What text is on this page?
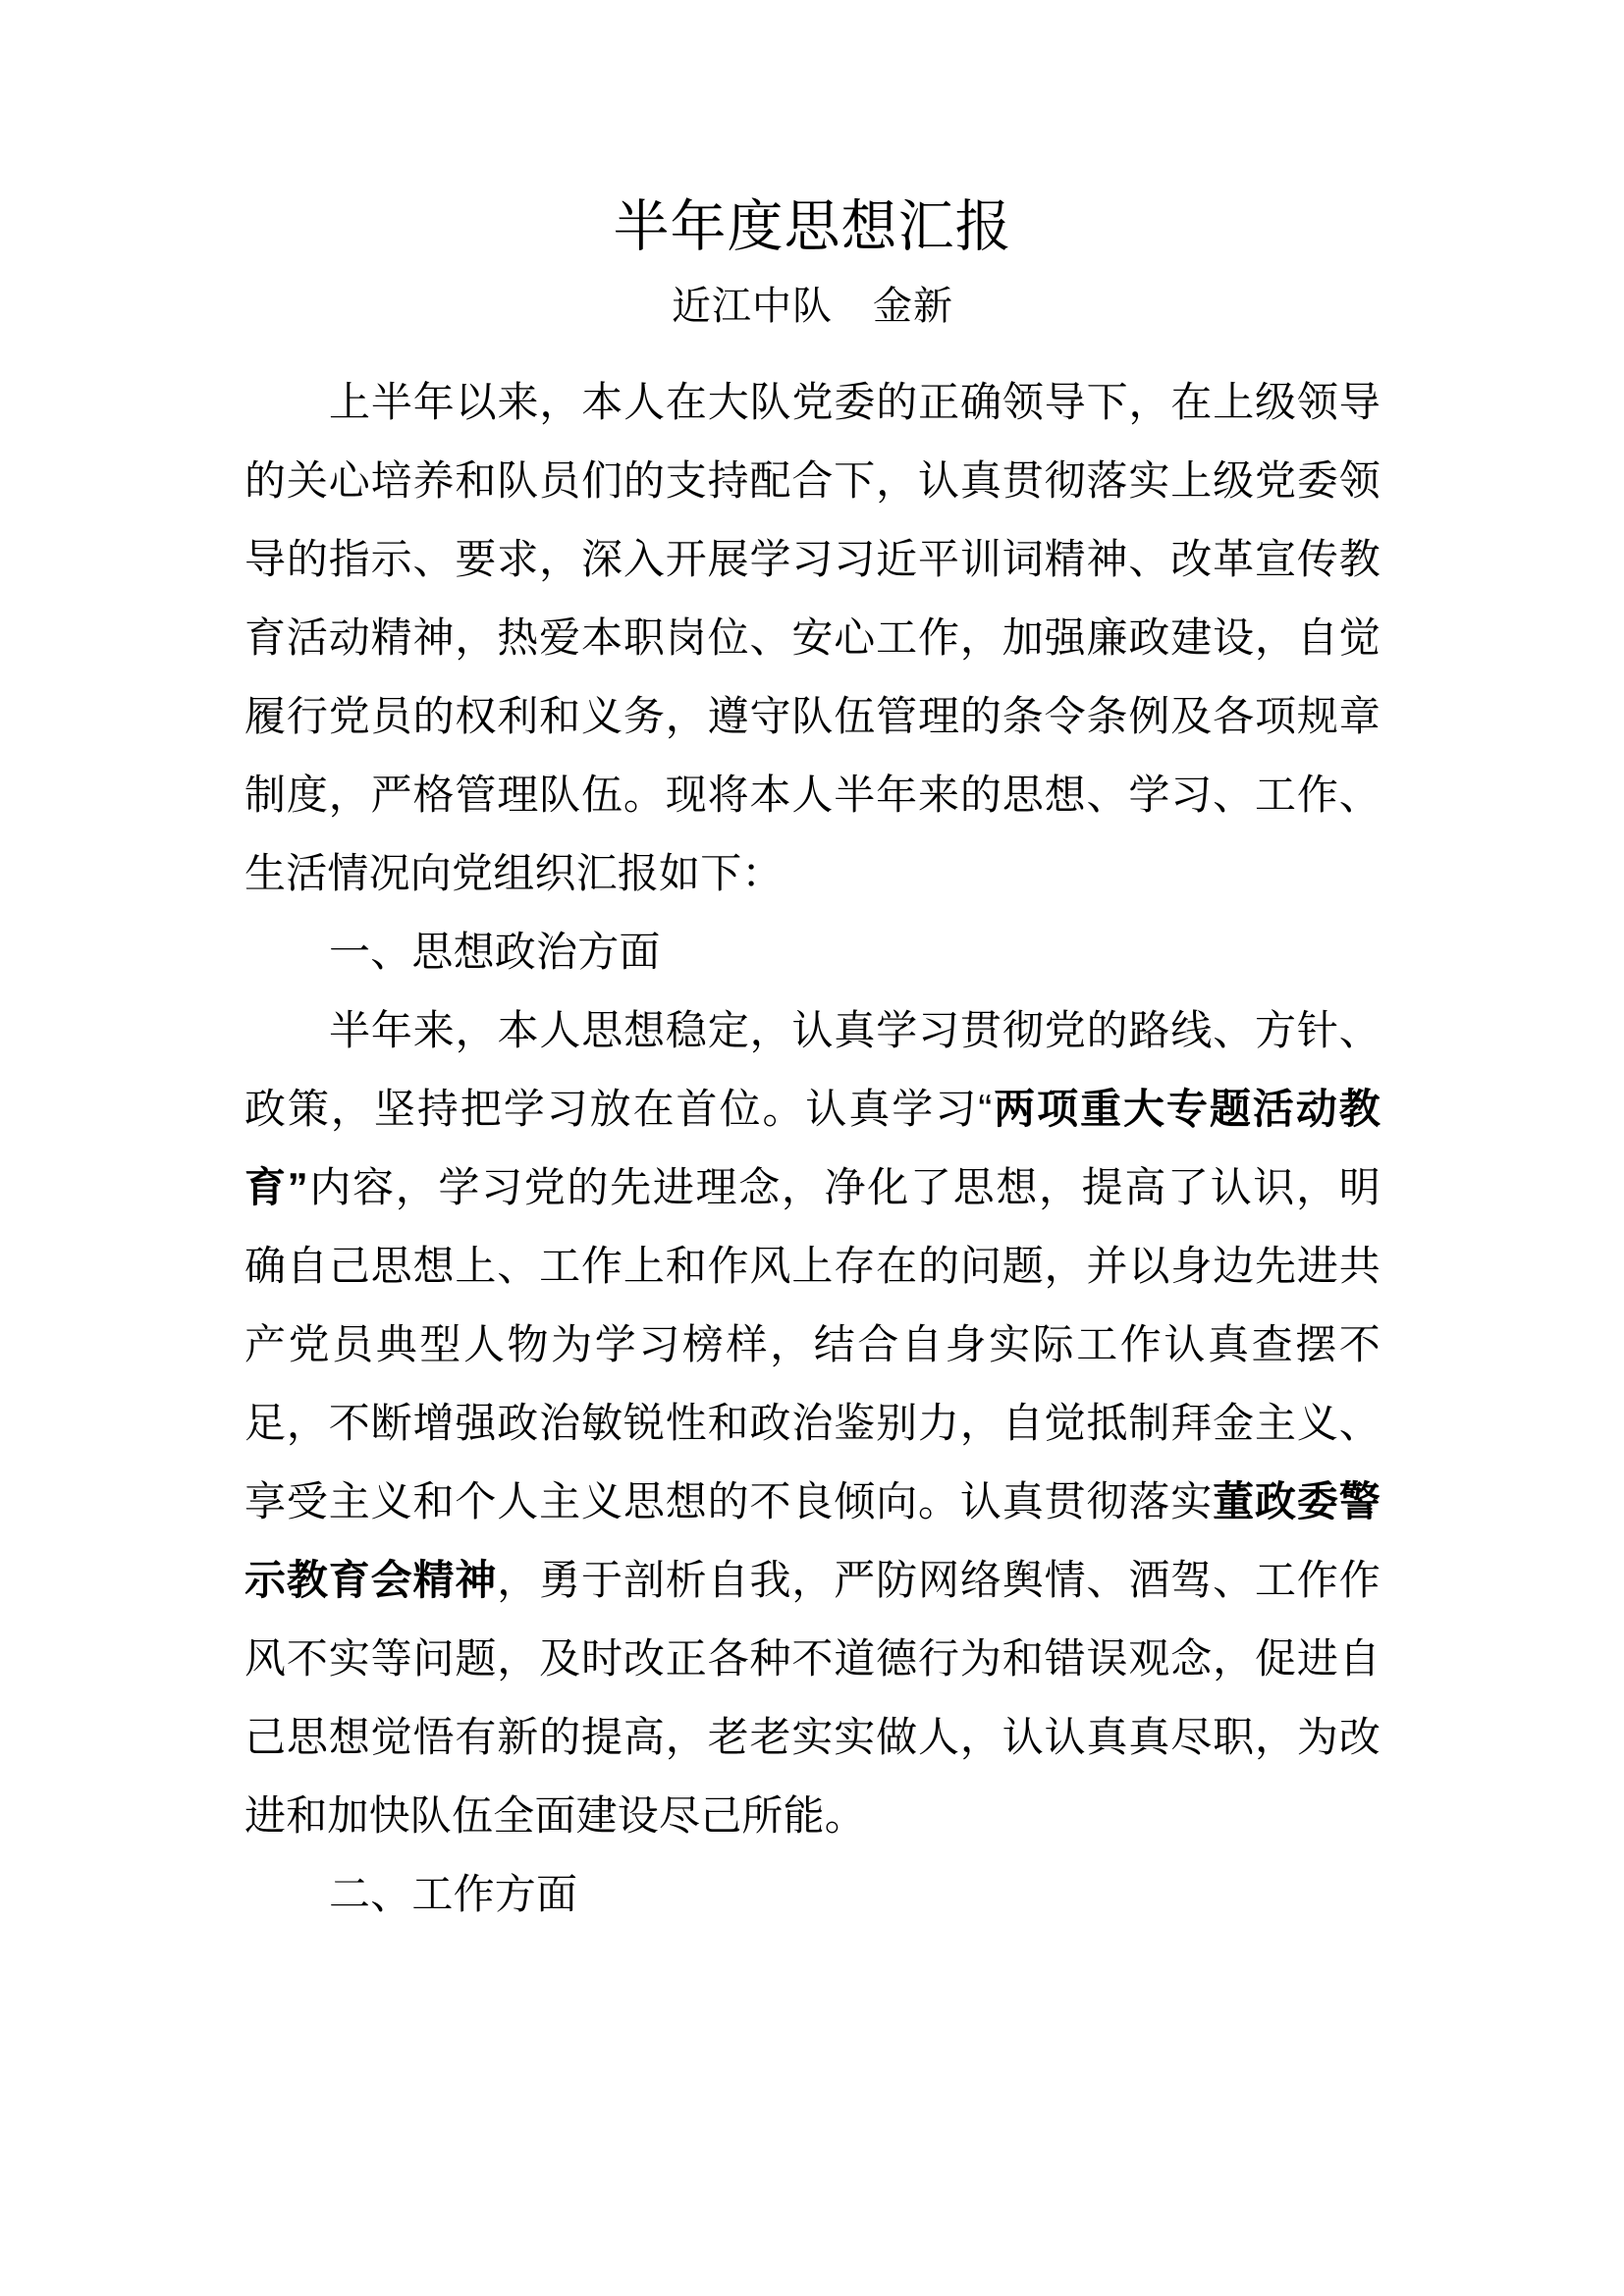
半年度思想汇报
近江中队　金新

上半年以来，本人在大队党委的正确领导下，在上级领导的关心培养和队员们的支持配合下，认真贯彻落实上级党委领导的指示、要求，深入开展学习习近平训词精神、改革宣传教育活动精神，热爱本职岗位、安心工作，加强廉政建设，自觉履行党员的权利和义务，遵守队伍管理的条令条例及各项规章制度，严格管理队伍。现将本人半年来的思想、学习、工作、生活情况向党组织汇报如下：

一、思想政治方面

半年来，本人思想稳定，认真学习贯彻党的路线、方针、政策，坚持把学习放在首位。认真学习“两项重大专题活动教育”内容，学习党的先进理念，净化了思想，提高了认识，明确自己思想上、工作上和作风上存在的问题，并以身边先进共产党员典型人物为学习榜样，结合自身实际工作认真查摆不足，不断增强政治敏锐性和政治鉴别力，自觉抵制拜金主义、享受主义和个人主义思想的不良倾向。认真贯彻落实董政委警示教育会精神，勇于剖析自我，严防网络舆情、酒驾、工作作风不实等问题，及时改正各种不道德行为和错误观念，促进自己思想觉悟有新的提高，老老实实做人，认认真真尽职，为改进和加快队伍全面建设尽己所能。

二、工作方面
